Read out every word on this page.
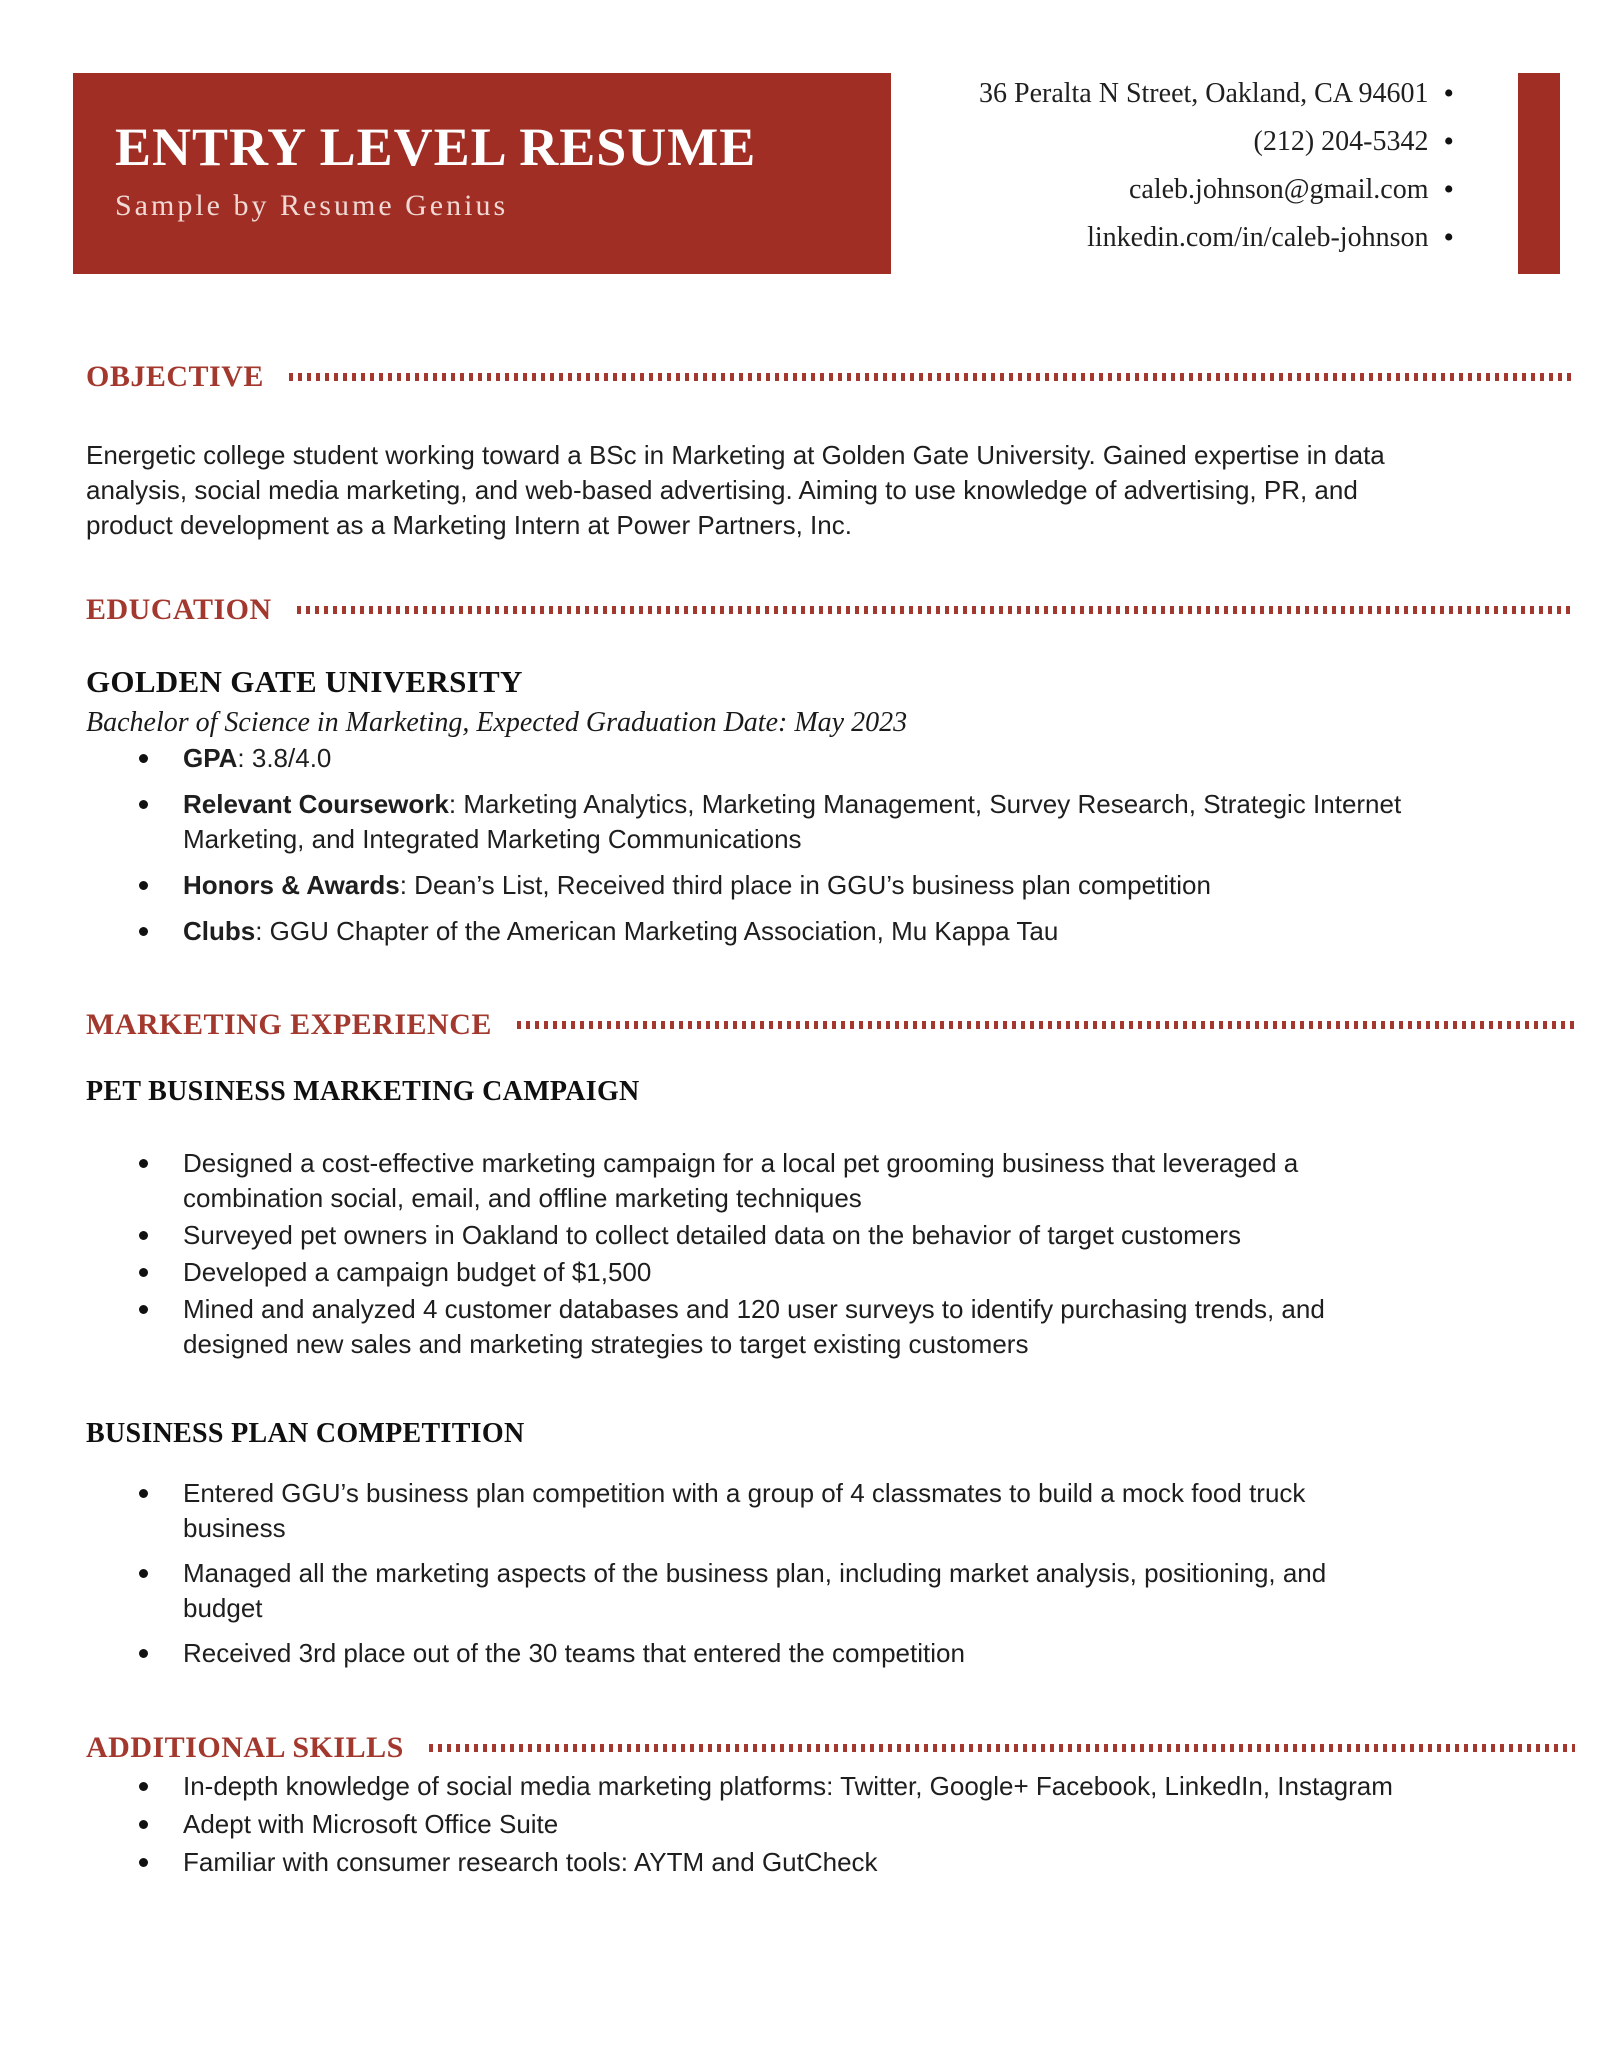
ENTRY LEVEL RESUME
Sample by Resume Genius
36 Peralta N Street, Oakland, CA 94601 •
(212) 204-5342 •
caleb.johnson@gmail.com •
linkedin.com/in/caleb-johnson •
OBJECTIVE

Energetic college student working toward a BSc in Marketing at Golden Gate University. Gained expertise in data analysis, social media marketing, and web-based advertising. Aiming to use knowledge of advertising, PR, and product development as a Marketing Intern at Power Partners, Inc.

EDUCATION
GOLDEN GATE UNIVERSITY
Bachelor of Science in Marketing, Expected Graduation Date: May 2023
GPA: 3.8/4.0
Relevant Coursework: Marketing Analytics, Marketing Management, Survey Research, Strategic Internet Marketing, and Integrated Marketing Communications
Honors & Awards: Dean’s List, Received third place in GGU’s business plan competition
Clubs: GGU Chapter of the American Marketing Association, Mu Kappa Tau
MARKETING EXPERIENCE
PET BUSINESS MARKETING CAMPAIGN
Designed a cost-effective marketing campaign for a local pet grooming business that leveraged a combination social, email, and offline marketing techniques
Surveyed pet owners in Oakland to collect detailed data on the behavior of target customers
Developed a campaign budget of $1,500
Mined and analyzed 4 customer databases and 120 user surveys to identify purchasing trends, and designed new sales and marketing strategies to target existing customers
BUSINESS PLAN COMPETITION
Entered GGU’s business plan competition with a group of 4 classmates to build a mock food truck business
Managed all the marketing aspects of the business plan, including market analysis, positioning, and budget
Received 3rd place out of the 30 teams that entered the competition
ADDITIONAL SKILLS
In-depth knowledge of social media marketing platforms: Twitter, Google+ Facebook, LinkedIn, Instagram
Adept with Microsoft Office Suite
Familiar with consumer research tools: AYTM and GutCheck
